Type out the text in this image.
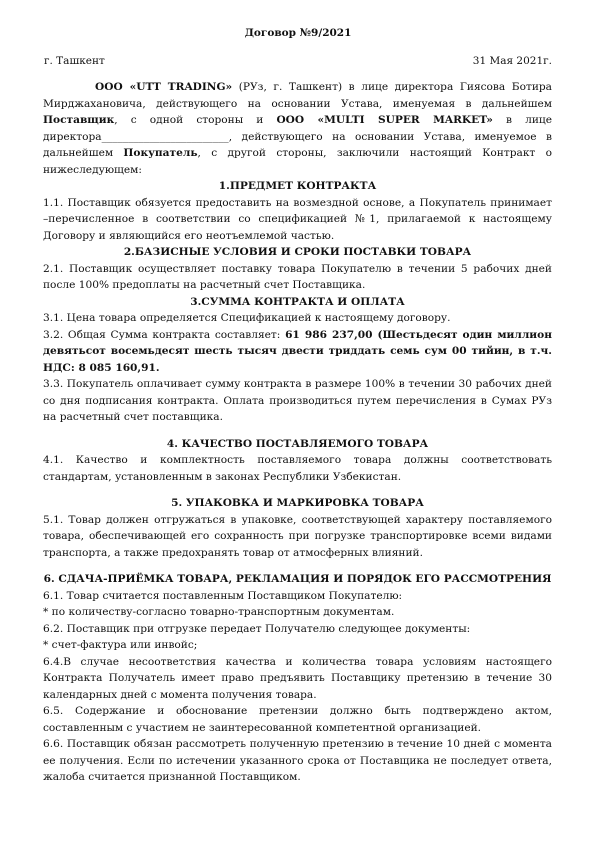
Договор №9/2021
г. Ташкент	31 Мая 2021г.

ООО «UTT TRADING» (РУз, г. Ташкент) в лице директора Гиясова Ботира Мирджахановича, действующего на основании Устава, именуемая в дальнейшем Поставщик, с одной стороны и ООО «MULTI SUPER MARKET» в лице директора________________________, действующего на основании Устава, именуемое в дальнейшем Покупатель, с другой стороны, заключили настоящий Контракт о нижеследующем:

1.ПРЕДМЕТ КОНТРАКТА

1.1. Поставщик обязуется предоставить на возмездной основе, а Покупатель принимает –перечисленное в соответствии со спецификацией №1, прилагаемой к настоящему Договору и являющийся его неотъемлемой частью.

2.БАЗИСНЫЕ УСЛОВИЯ И СРОКИ ПОСТАВКИ ТОВАРА

2.1. Поставщик осуществляет поставку товара Покупателю в течении 5 рабочих дней после 100% предоплаты на расчетный счет Поставщика.

3.СУММА КОНТРАКТА И ОПЛАТА

3.1. Цена товара определяется Спецификацией к настоящему договору.

3.2. Общая Сумма контракта составляет: 61 986 237,00 (Шестьдесят один миллион девятьсот восемьдесят шесть тысяч двести триддать семь сум 00 тийин, в т.ч. НДС: 8 085 160,91.

3.3. Покупатель оплачивает сумму контракта в размере 100% в течении 30 рабочих дней со дня подписания контракта. Оплата производиться путем перечисления в Сумах РУз на расчетный счет поставщика.

4. КАЧЕСТВО ПОСТАВЛЯЕМОГО ТОВАРА

4.1. Качество и комплектность поставляемого товара должны соответствовать стандартам, установленным в законах Республики Узбекистан.

5. УПАКОВКА И МАРКИРОВКА ТОВАРА

5.1. Товар должен отгружаться в упаковке, соответствующей характеру поставляемого товара, обеспечивающей его сохранность при погрузке транспортировке всеми видами транспорта, а также предохранять товар от атмосферных влияний.

6. СДАЧА-ПРИЁМКА ТОВАРА, РЕКЛАМАЦИЯ И ПОРЯДОК ЕГО РАССМОТРЕНИЯ

6.1. Товар считается поставленным Поставщиком Покупателю:

* по количеству-согласно товарно-транспортным документам.

6.2. Поставщик при отгрузке передает Получателю следующее документы:

* счет-фактура или инвойс;

6.4.В случае несоответствия качества и количества товара условиям настоящего Контракта Получатель имеет право предъявить Поставщику претензию в течение 30 календарных дней с момента получения товара.

6.5. Содержание и обоснование претензии должно быть подтверждено актом, составленным с участием не заинтересованной компетентной организацией.

6.6. Поставщик обязан рассмотреть полученную претензию в течение 10 дней с момента ее получения. Если по истечении указанного срока от Поставщика не последует ответа, жалоба считается признанной Поставщиком.
